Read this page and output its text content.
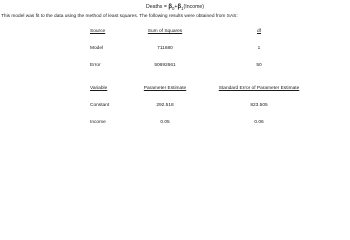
Deaths = $\beta_0+\beta_1(Income)$
This model was fit to the data using the method of least squares. The following results were obtained from SAS:
Source	Sum of Squares	df
Model	711680	1
Error	50692661	50
Variable	Parameter Estimate	Standard Error of Parameter Estimate
Constant	292.518	823.505
Income	0.05	0.06
